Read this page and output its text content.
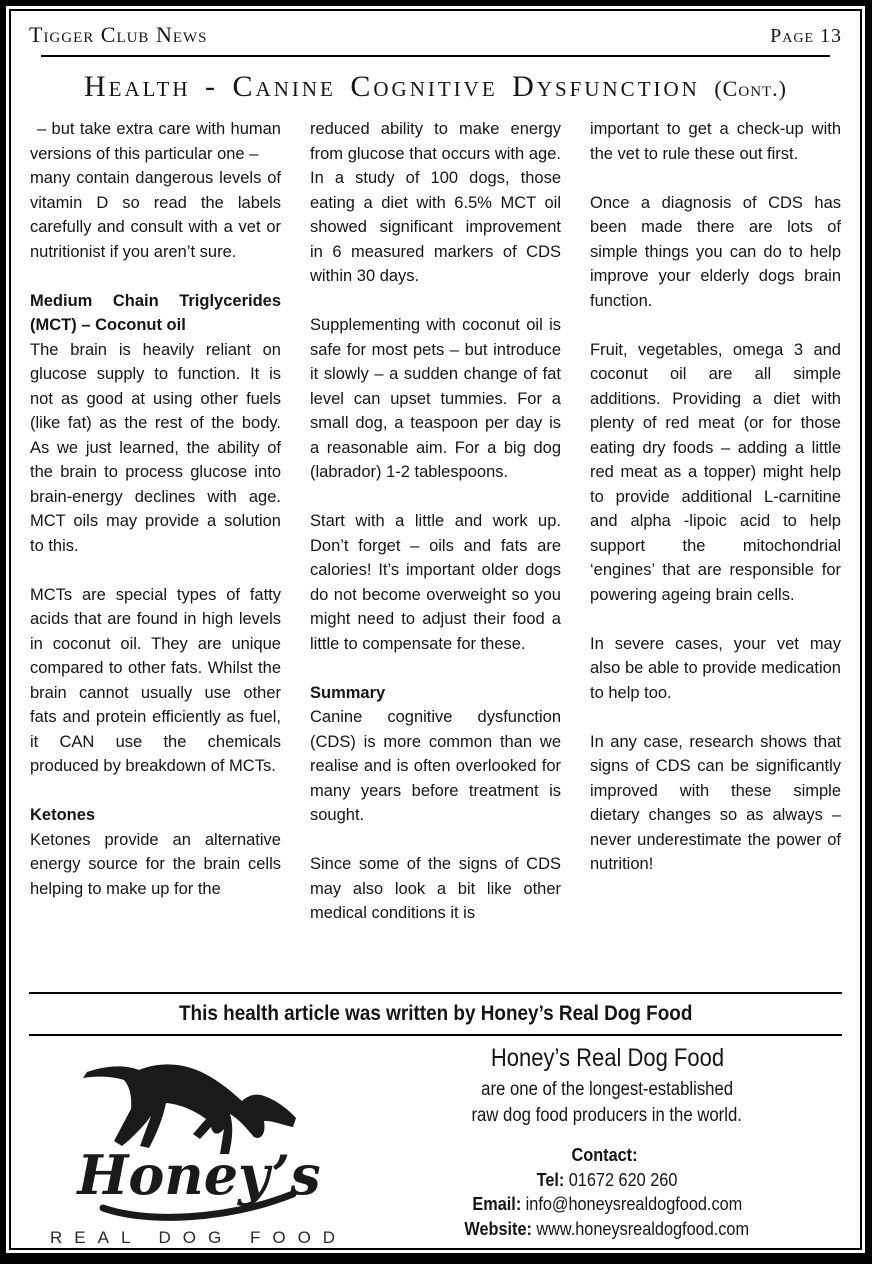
Tigger Club News	Page 13
Health - Canine Cognitive Dysfunction (Cont.)
– but take extra care with human versions of this particular one –
many contain dangerous levels of vitamin D so read the labels carefully and consult with a vet or nutritionist if you aren’t sure.
Medium Chain Triglycerides (MCT) – Coconut oil
The brain is heavily reliant on glucose supply to function. It is not as good at using other fuels (like fat) as the rest of the body. As we just learned, the ability of the brain to process glucose into brain-energy declines with age. MCT oils may provide a solution to this.
MCTs are special types of fatty acids that are found in high levels in coconut oil. They are unique compared to other fats. Whilst the brain cannot usually use other fats and protein efficiently as fuel, it CAN use the chemicals produced by breakdown of MCTs.
Ketones
Ketones provide an alternative energy source for the brain cells helping to make up for the
reduced ability to make energy from glucose that occurs with age. In a study of 100 dogs, those eating a diet with 6.5% MCT oil showed significant improvement in 6 measured markers of CDS within 30 days.
Supplementing with coconut oil is safe for most pets – but introduce it slowly – a sudden change of fat level can upset tummies. For a small dog, a teaspoon per day is a reasonable aim. For a big dog (labrador) 1-2 tablespoons.
Start with a little and work up. Don’t forget – oils and fats are calories! It’s important older dogs do not become overweight so you might need to adjust their food a little to compensate for these.
Summary
Canine cognitive dysfunction (CDS) is more common than we realise and is often overlooked for many years before treatment is sought.
Since some of the signs of CDS may also look a bit like other medical conditions it is
important to get a check-up with the vet to rule these out first.
Once a diagnosis of CDS has been made there are lots of simple things you can do to help improve your elderly dogs brain function.
Fruit, vegetables, omega 3 and coconut oil are all simple additions. Providing a diet with plenty of red meat (or for those eating dry foods – adding a little red meat as a topper) might help to provide additional L-carnitine and alpha -lipoic acid to help support the mitochondrial ‘engines’ that are responsible for powering ageing brain cells.
In severe cases, your vet may also be able to provide medication to help too.
In any case, research shows that signs of CDS can be significantly improved with these simple dietary changes so as always – never underestimate the power of nutrition!
This health article was written by Honey’s Real Dog Food
Honey’s
REAL DOG FOOD
Honey’s Real Dog Food
are one of the longest-established
raw dog food producers in the world.
Contact:
Tel: 01672 620 260
Email: info@honeysrealdogfood.com
Website: www.honeysrealdogfood.com
